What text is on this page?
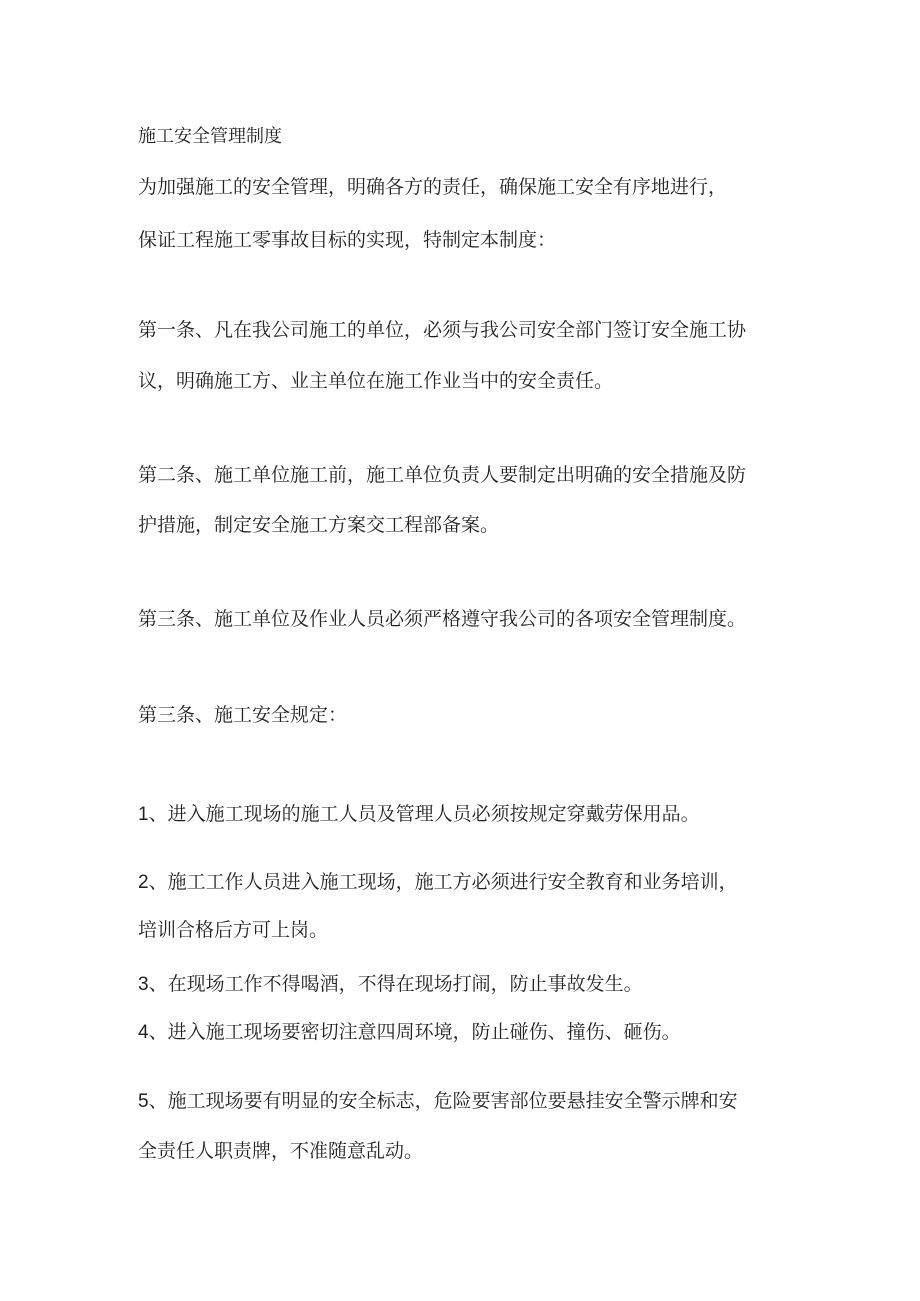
施工安全管理制度

为加强施工的安全管理，明确各方的责任，确保施工安全有序地进行，

保证工程施工零事故目标的实现，特制定本制度：

第一条、凡在我公司施工的单位，必须与我公司安全部门签订安全施工协

议，明确施工方、业主单位在施工作业当中的安全责任。

第二条、施工单位施工前，施工单位负责人要制定出明确的安全措施及防

护措施，制定安全施工方案交工程部备案。

第三条、施工单位及作业人员必须严格遵守我公司的各项安全管理制度。

第三条、施工安全规定：

1、进入施工现场的施工人员及管理人员必须按规定穿戴劳保用品。

2、施工工作人员进入施工现场，施工方必须进行安全教育和业务培训，

培训合格后方可上岗。

3、在现场工作不得喝酒，不得在现场打闹，防止事故发生。

4、进入施工现场要密切注意四周环境，防止碰伤、撞伤、砸伤。

5、施工现场要有明显的安全标志，危险要害部位要悬挂安全警示牌和安

全责任人职责牌，不准随意乱动。
